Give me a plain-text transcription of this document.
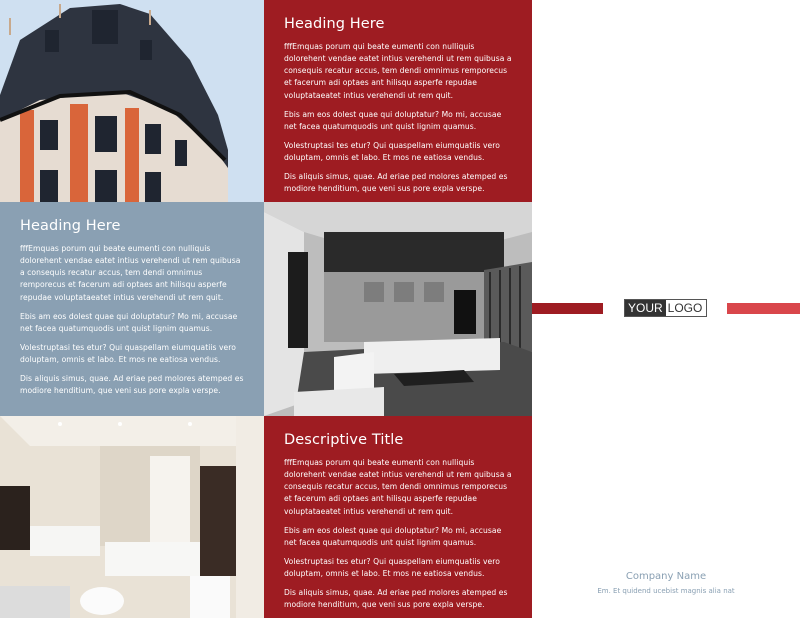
Heading Here

fffEmquas porum qui beate eumenti con nulliquis dolorehent vendae eatet intius verehendi ut rem quibusa a consequis recatur accus, tem dendi omnimus remporecus et facerum adi optaes ant hilisqu asperfe repudae voluptataeatet intius verehendi ut rem quit.

Ebis am eos dolest quae qui doluptatur? Mo mi, accusae net facea quatumquodis unt quist lignim quamus.

Volestruptasi tes etur? Qui quaspellam eiumquatiis vero doluptam, omnis et labo. Et mos ne eatiosa vendus.

Dis aliquis simus, quae. Ad eriae ped molores atemped es modiore henditium, que veni sus pore expla verspe.

Heading Here

fffEmquas porum qui beate eumenti con nulliquis dolorehent vendae eatet intius verehendi ut rem quibusa a consequis recatur accus, tem dendi omnimus remporecus et facerum adi optaes ant hilisqu asperfe repudae voluptataeatet intius verehendi ut rem quit.

Ebis am eos dolest quae qui doluptatur? Mo mi, accusae net facea quatumquodis unt quist lignim quamus.

Volestruptasi tes etur? Qui quaspellam eiumquatiis vero doluptam, omnis et labo. Et mos ne eatiosa vendus.

Dis aliquis simus, quae. Ad eriae ped molores atemped es modiore henditium, que veni sus pore expla verspe.

Descriptive Title

fffEmquas porum qui beate eumenti con nulliquis dolorehent vendae eatet intius verehendi ut rem quibusa a consequis recatur accus, tem dendi omnimus remporecus et facerum adi optaes ant hilisqu asperfe repudae voluptataeatet intius verehendi ut rem quit.

Ebis am eos dolest quae qui doluptatur? Mo mi, accusae net facea quatumquodis unt quist lignim quamus.

Volestruptasi tes etur? Qui quaspellam eiumquatiis vero doluptam, omnis et labo. Et mos ne eatiosa vendus.

Dis aliquis simus, quae. Ad eriae ped molores atemped es modiore henditium, que veni sus pore expla verspe.

YOUR LOGO
Company Name
Em. Et quidend ucebist magnis alia nat
